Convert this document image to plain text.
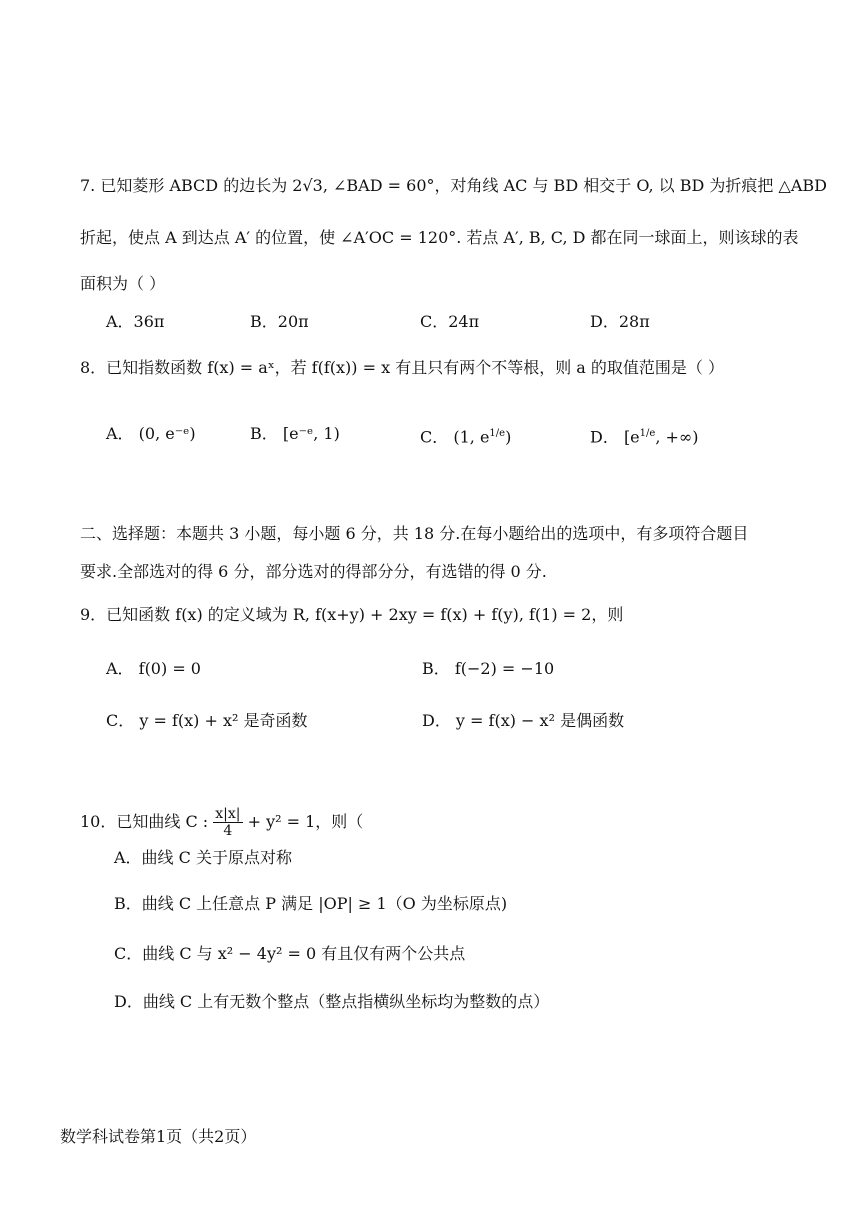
7. 已知菱形 ABCD 的边长为 2√3, ∠BAD = 60°，对角线 AC 与 BD 相交于 O, 以 BD 为折痕把 △ABD
折起，使点 A 到达点 A′ 的位置，使 ∠A′OC = 120°. 若点 A′, B, C, D 都在同一球面上，则该球的表
面积为（ ）
A．36π	B．20π	C．24π	D．28π
8．已知指数函数 f(x) = aˣ，若 f(f(x)) = x 有且只有两个不等根，则 a 的取值范围是（ ）
A． (0, e⁻ᵉ)	B． [e⁻ᵉ, 1)	C． (1, $e^{1/e}$)	D． [$e^{1/e}$, +∞)
二、选择题：本题共 3 小题，每小题 6 分，共 18 分.在每小题给出的选项中，有多项符合题目
要求.全部选对的得 6 分，部分选对的得部分分，有选错的得 0 分.
9．已知函数 f(x) 的定义域为 R, f(x+y) + 2xy = f(x) + f(y), f(1) = 2，则
A． f(0) = 0	B． f(−2) = −10
C． y = f(x) + x² 是奇函数	D． y = f(x) − x² 是偶函数
10．已知曲线 C : $\frac{x|x|}{4} + y^2 = 1$，则（
A．曲线 C 关于原点对称
B．曲线 C 上任意点 P 满足 |OP| ≥ 1（O 为坐标原点)
C．曲线 C 与 x² − 4y² = 0 有且仅有两个公共点
D．曲线 C 上有无数个整点（整点指横纵坐标均为整数的点）
数学科试卷第1页（共2页）
